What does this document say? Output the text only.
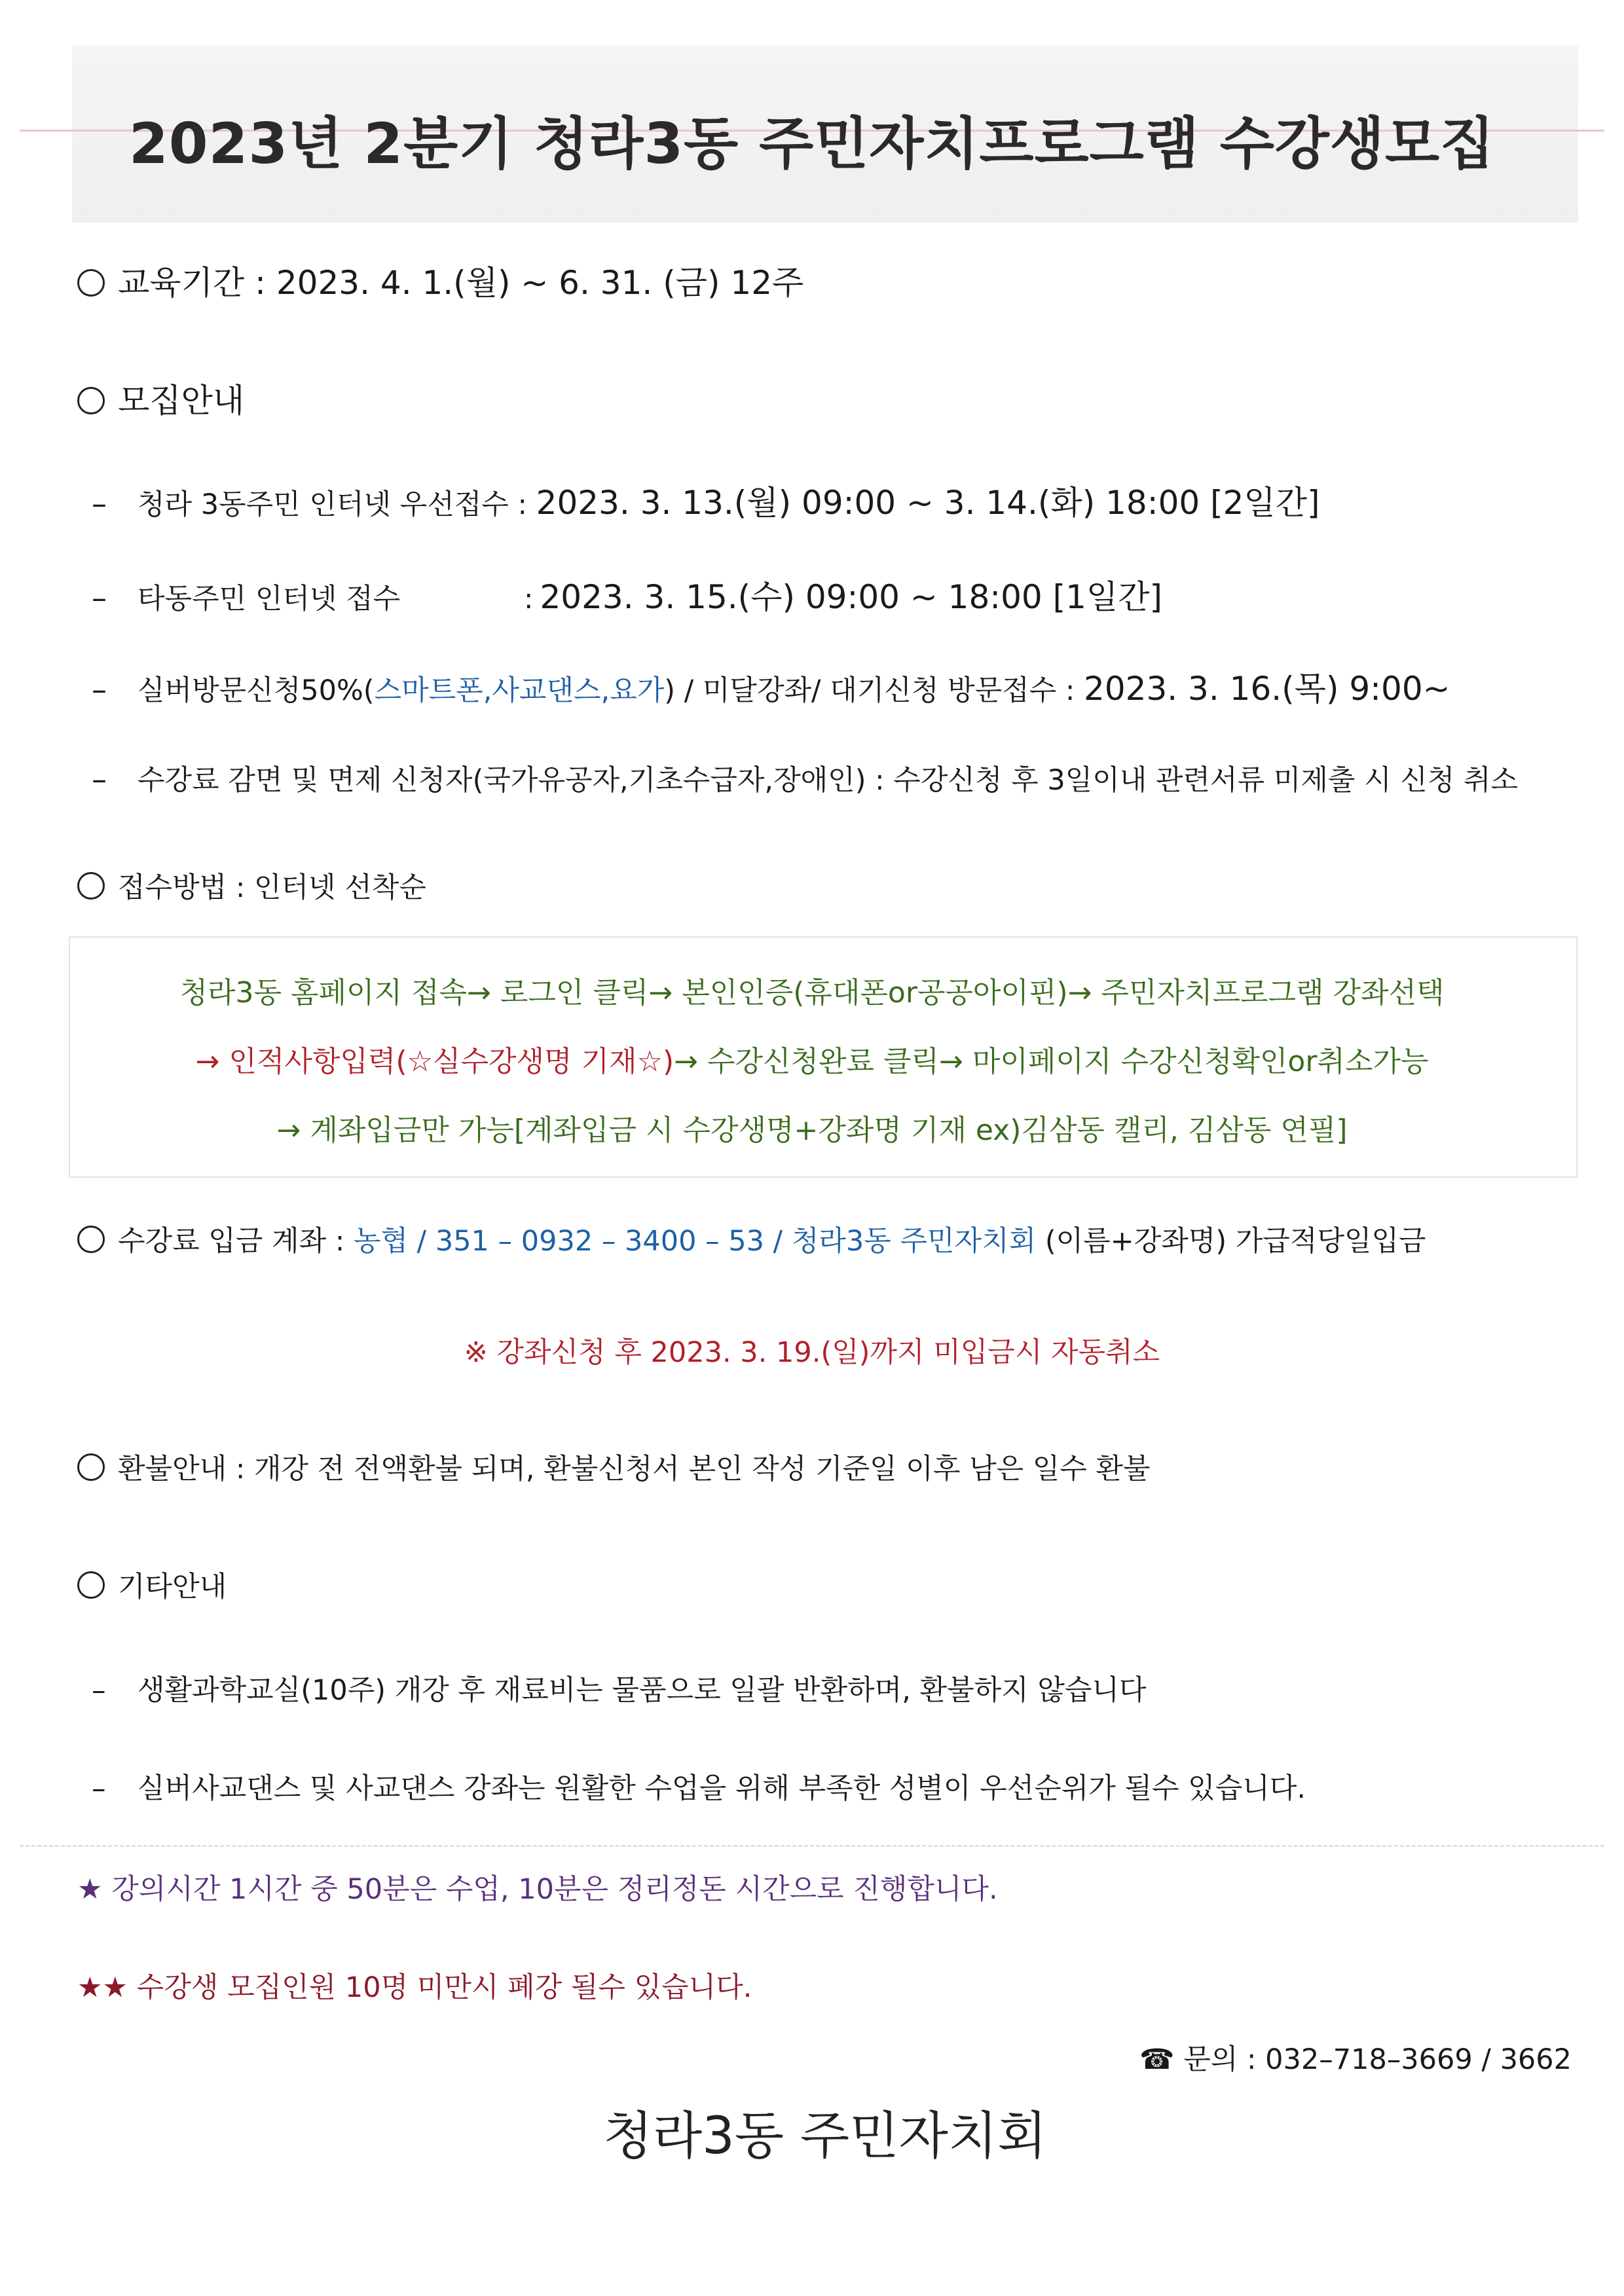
2023년 2분기 청라3동 주민자치프로그램 수강생모집
교육기간 : 2023. 4. 1.(월) ~ 6. 31. (금) 12주
모집안내
– 청라 3동주민 인터넷 우선접수 : 2023. 3. 13.(월) 09:00 ~ 3. 14.(화) 18:00 [2일간]
– 타동주민 인터넷 접수	: 2023. 3. 15.(수) 09:00 ~ 18:00 [1일간]
– 실버방문신청50%(스마트폰,사교댄스,요가) / 미달강좌/ 대기신청 방문접수 : 2023. 3. 16.(목) 9:00~
– 수강료 감면 및 면제 신청자(국가유공자,기초수급자,장애인) : 수강신청 후 3일이내 관련서류 미제출 시 신청 취소
접수방법 : 인터넷 선착순
청라3동 홈페이지 접속→ 로그인 클릭→ 본인인증(휴대폰or공공아이핀)→ 주민자치프로그램 강좌선택
→ 인적사항입력(☆실수강생명 기재☆)→ 수강신청완료 클릭→ 마이페이지 수강신청확인or취소가능
→ 계좌입금만 가능[계좌입금 시 수강생명+강좌명 기재 ex)김삼동 캘리, 김삼동 연필]
수강료 입금 계좌 : 농협 / 351 – 0932 – 3400 – 53 / 청라3동 주민자치회 (이름+강좌명) 가급적당일입금
※ 강좌신청 후 2023. 3. 19.(일)까지 미입금시 자동취소
환불안내 : 개강 전 전액환불 되며, 환불신청서 본인 작성 기준일 이후 남은 일수 환불
기타안내
– 생활과학교실(10주) 개강 후 재료비는 물품으로 일괄 반환하며, 환불하지 않습니다
– 실버사교댄스 및 사교댄스 강좌는 원활한 수업을 위해 부족한 성별이 우선순위가 될수 있습니다.
★ 강의시간 1시간 중 50분은 수업, 10분은 정리정돈 시간으로 진행합니다.
★★ 수강생 모집인원 10명 미만시 폐강 될수 있습니다.
☎ 문의 : 032–718–3669 / 3662
청라3동 주민자치회
